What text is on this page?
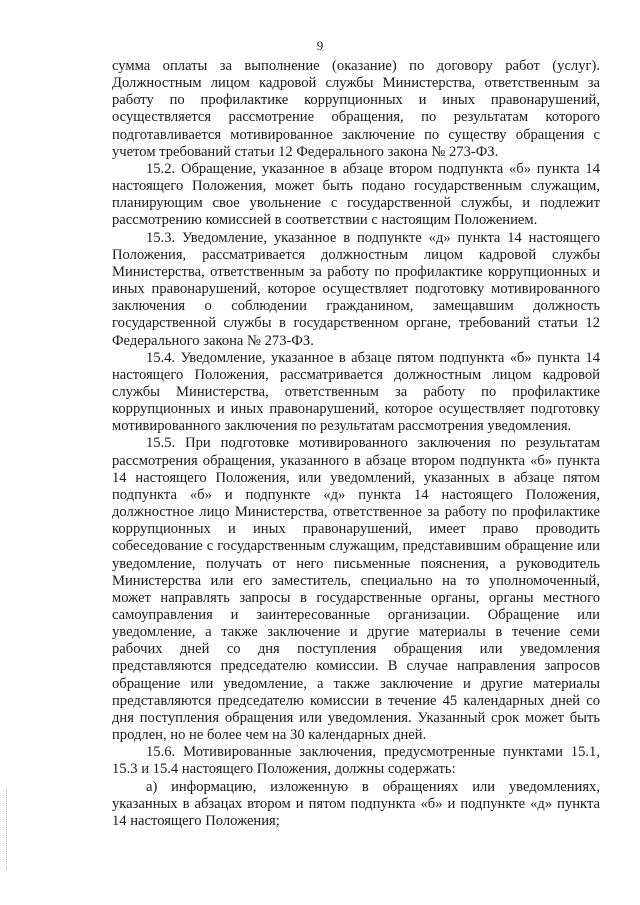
9

сумма оплаты за выполнение (оказание) по договору работ (услуг). Должностным лицом кадровой службы Министерства, ответственным за работу по профилактике коррупционных и иных правонарушений, осуществляется рассмотрение обращения, по результатам которого подготавливается мотивированное заключение по существу обращения с учетом требований статьи 12 Федерального закона № 273-ФЗ.

15.2. Обращение, указанное в абзаце втором подпункта «б» пункта 14 настоящего Положения, может быть подано государственным служащим, планирующим свое увольнение с государственной службы, и подлежит рассмотрению комиссией в соответствии с настоящим Положением.

15.3. Уведомление, указанное в подпункте «д» пункта 14 настоящего Положения, рассматривается должностным лицом кадровой службы Министерства, ответственным за работу по профилактике коррупционных и иных правонарушений, которое осуществляет подготовку мотивированного заключения о соблюдении гражданином, замещавшим должность государственной службы в государственном органе, требований статьи 12 Федерального закона № 273-ФЗ.

15.4. Уведомление, указанное в абзаце пятом подпункта «б» пункта 14 настоящего Положения, рассматривается должностным лицом кадровой службы Министерства, ответственным за работу по профилактике коррупционных и иных правонарушений, которое осуществляет подготовку мотивированного заключения по результатам рассмотрения уведомления.

15.5. При подготовке мотивированного заключения по результатам рассмотрения обращения, указанного в абзаце втором подпункта «б» пункта 14 настоящего Положения, или уведомлений, указанных в абзаце пятом подпункта «б» и подпункте «д» пункта 14 настоящего Положения, должностное лицо Министерства, ответственное за работу по профилактике коррупционных и иных правонарушений, имеет право проводить собеседование с государственным служащим, представившим обращение или уведомление, получать от него письменные пояснения, а руководитель Министерства или его заместитель, специально на то уполномоченный, может направлять запросы в государственные органы, органы местного самоуправления и заинтересованные организации. Обращение или уведомление, а также заключение и другие материалы в течение семи рабочих дней со дня поступления обращения или уведомления представляются председателю комиссии. В случае направления запросов обращение или уведомление, а также заключение и другие материалы представляются председателю комиссии в течение 45 календарных дней со дня поступления обращения или уведомления. Указанный срок может быть продлен, но не более чем на 30 календарных дней.

15.6. Мотивированные заключения, предусмотренные пунктами 15.1, 15.3 и 15.4 настоящего Положения, должны содержать:

а) информацию, изложенную в обращениях или уведомлениях, указанных в абзацах втором и пятом подпункта «б» и подпункте «д» пункта 14 настоящего Положения;
